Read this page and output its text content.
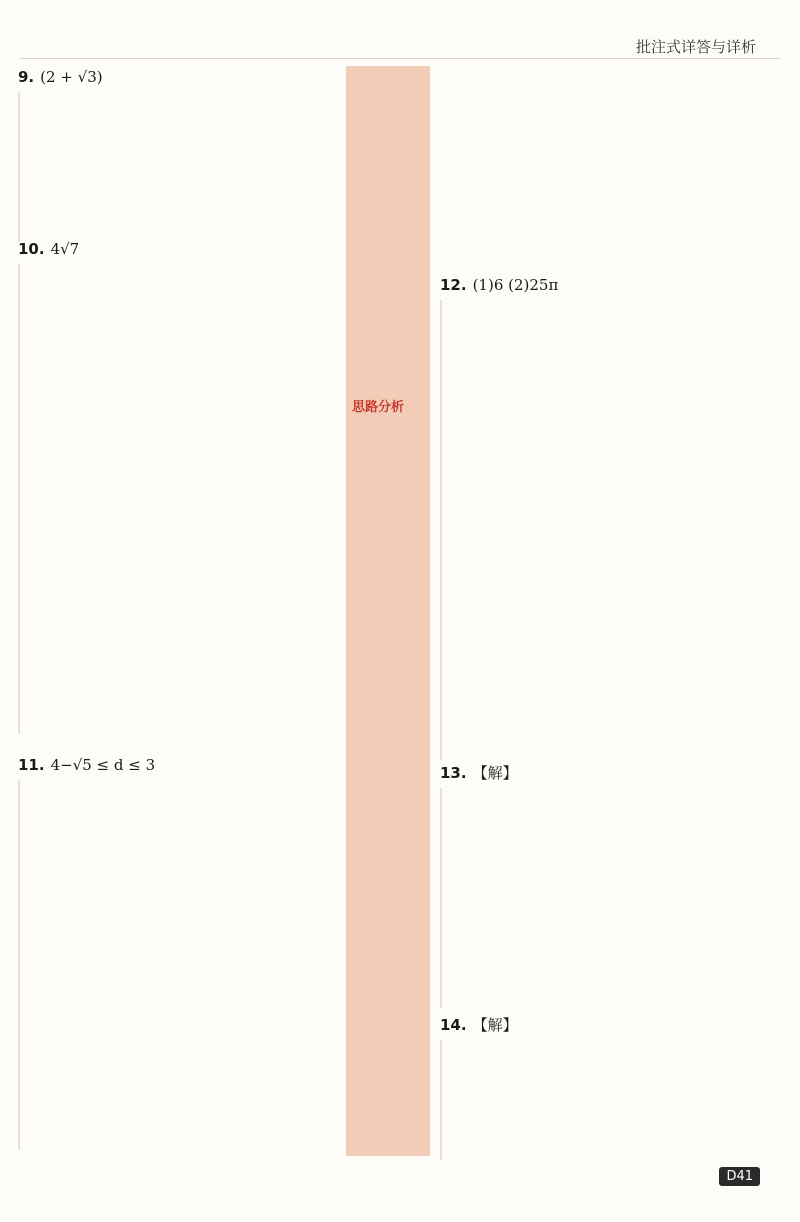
批注式详答与详析
9. (2 + √3)
10. 4√7
11. 4−√5 ≤ d ≤ 3
思路分析
12. (1)6 (2)25π
13. 【解】
14. 【解】
D41
